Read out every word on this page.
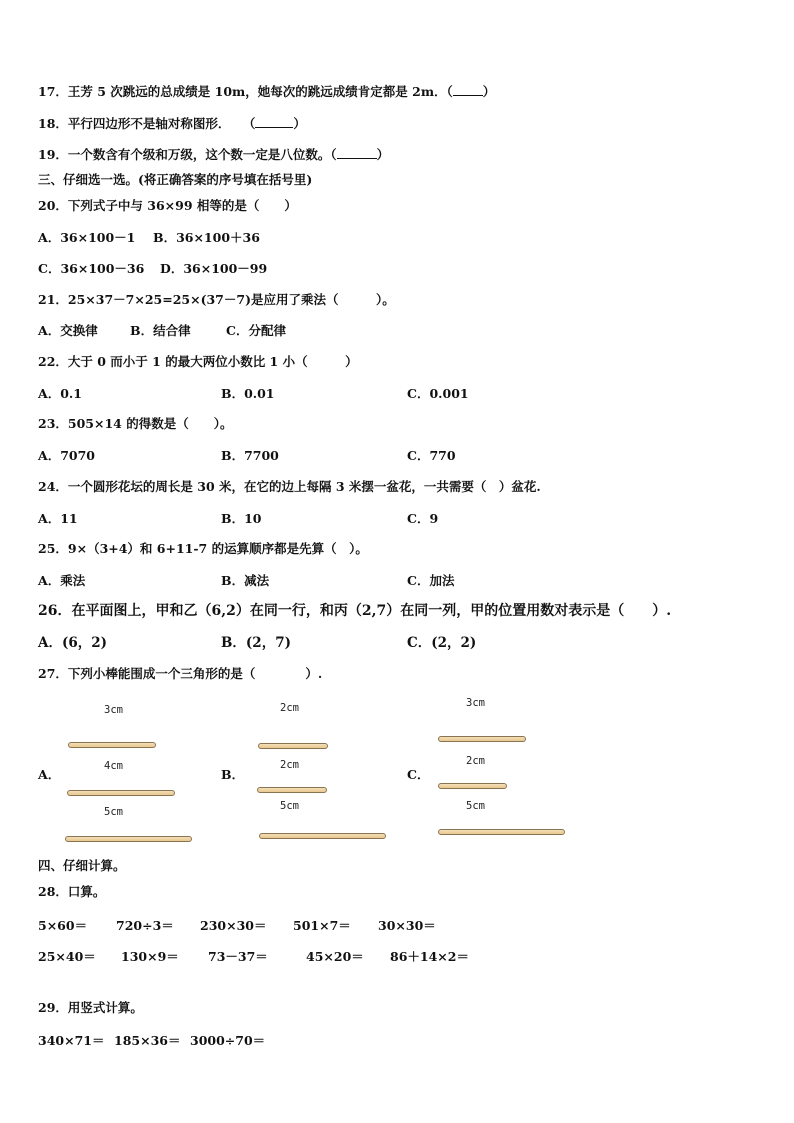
17．王芳 5 次跳远的总成绩是 10m，她每次的跳远成绩肯定都是 2m．（ ）
18．平行四边形不是轴对称图形．　　（	）
19．一个数含有个级和万级，这个数一定是八位数。（	）
三、仔细选一选。(将正确答案的序号填在括号里)
20．下列式子中与 36×99 相等的是（　　）
A．36×100－1 B．36×100＋36
C．36×100－36 D．36×100－99
21．25×37－7×25=25×(37－7)是应用了乘法（　　　）。
A．交换律	B．结合律	C．分配律
22．大于 0 而小于 1 的最大两位小数比 1 小（　　　）
A．0.1	B．0.01	C．0.001
23．505×14 的得数是（　　）。
A．7070	B．7700	C．770
24．一个圆形花坛的周长是 30 米，在它的边上每隔 3 米摆一盆花，一共需要（　）盆花.
A．11	B．10	C．9
25．9×（3+4）和 6+11-7 的运算顺序都是先算（　）。
A．乘法	B．减法	C．加法
26．在平面图上，甲和乙（6,2）在同一行，和丙（2,7）在同一列，甲的位置用数对表示是（　　）.
A．(6，2)	B．(2，7)	C．(2，2)
27．下列小棒能围成一个三角形的是（　　　　）.
A．
3cm
4cm
5cm
B．
2cm
2cm
5cm
C．
3cm
2cm
5cm
四、仔细计算。
28．口算。
5×60＝ 720÷3＝ 230×30＝ 501×7＝ 30×30＝
25×40＝ 130×9＝ 73－37＝	45×20＝ 86＋14×2＝
29．用竖式计算。
340×71＝ 185×36＝ 3000÷70＝
